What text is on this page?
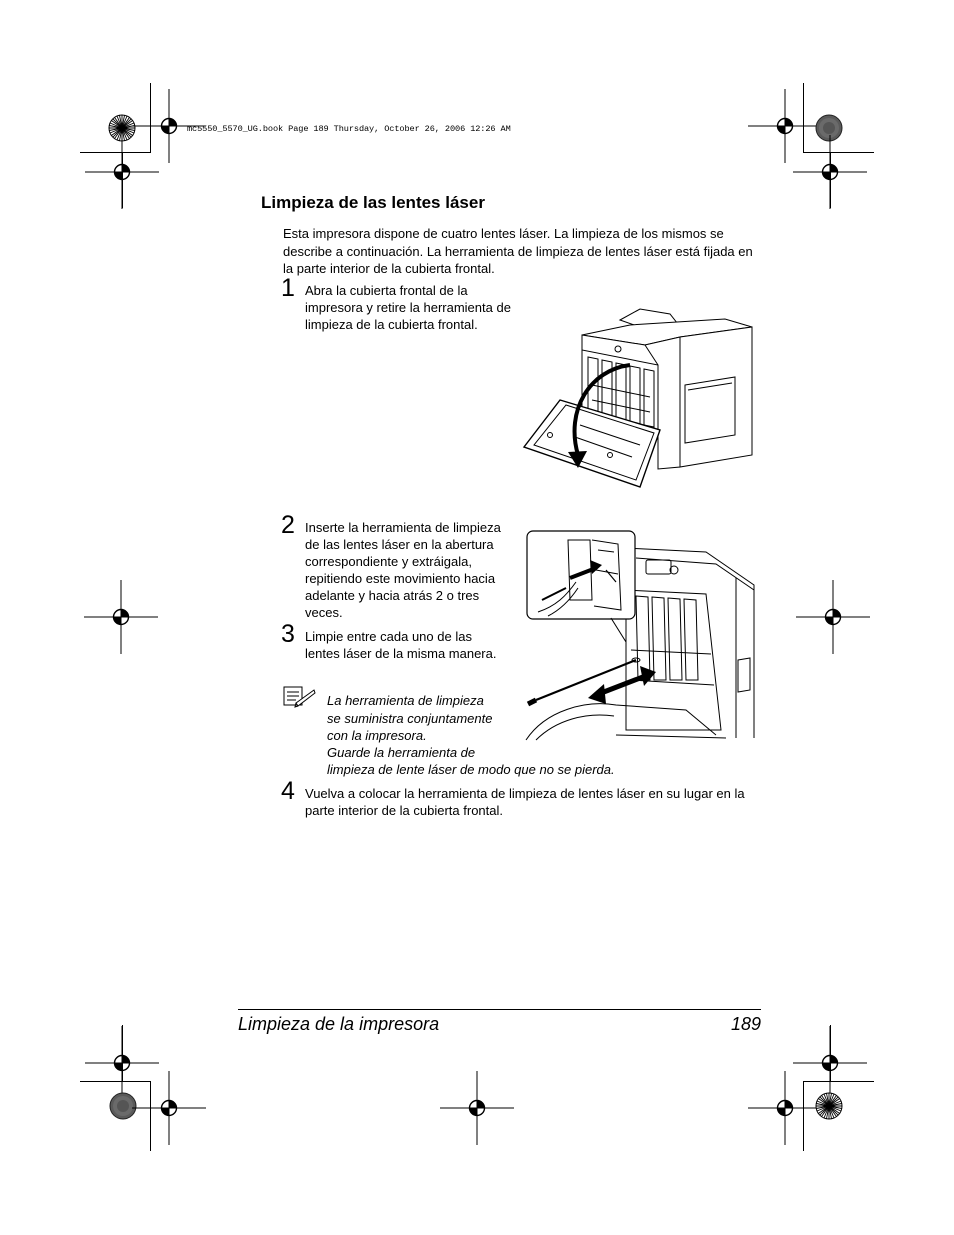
mc5550_5570_UG.book Page 189 Thursday, October 26, 2006 12:26 AM
Limpieza de las lentes láser
Esta impresora dispone de cuatro lentes láser. La limpieza de los mismos se describe a continuación. La herramienta de limpieza de lentes láser está fijada en la parte interior de la cubierta frontal.
1 Abra la cubierta frontal de la impresora y retire la herramienta de limpieza de la cubierta frontal.
2 Inserte la herramienta de limpieza de las lentes láser en la abertura correspondiente y extráigala, repitiendo este movimiento hacia adelante y hacia atrás 2 o tres veces.
3 Limpie entre cada uno de las lentes láser de la misma manera.
La herramienta de limpieza
se suministra conjuntamente
con la impresora.
Guarde la herramienta de
limpieza de lente láser de modo que no se pierda.
4 Vuelva a colocar la herramienta de limpieza de lentes láser en su lugar en la parte interior de la cubierta frontal.
Limpieza de la impresora	189
